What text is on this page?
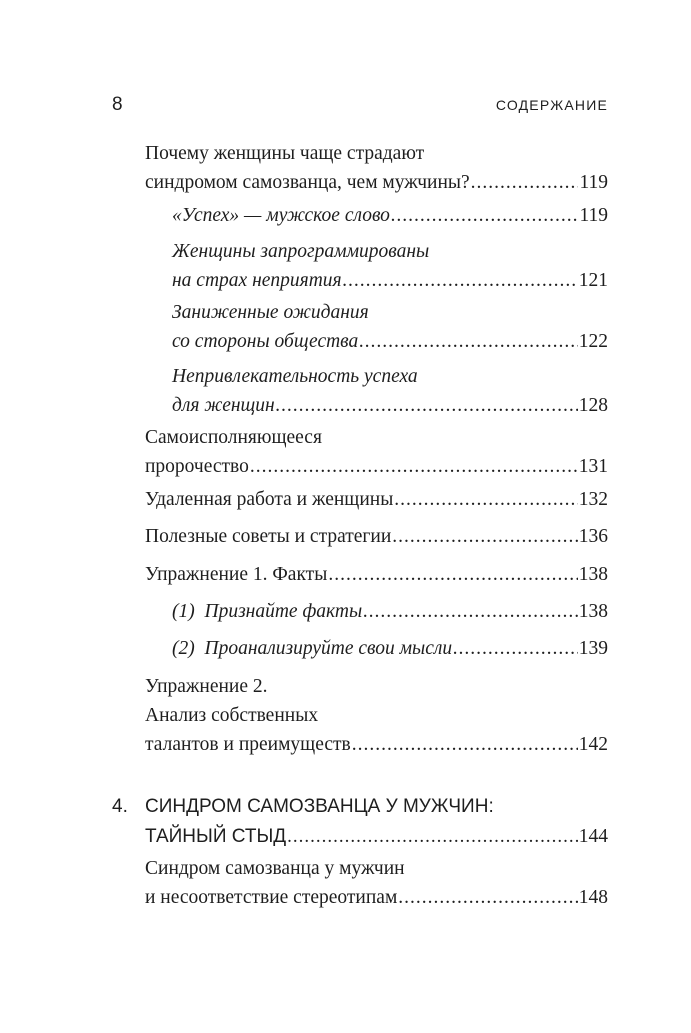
8	СОДЕРЖАНИЕ
Почему женщины чаще страдают
синдромом самозванца, чем мужчины? .....	119
«Успех» — мужское слово .....	119
Женщины запрограммированы
на страх неприятия .....	121
Заниженные ожидания
со стороны общества .....	122
Непривлекательность успеха
для женщин .....	128
Самоисполняющееся
пророчество .....	131
Удаленная работа и женщины .....	132
Полезные советы и стратегии .....	136
Упражнение 1. Факты .....	138
(1)  Признайте факты .....	138
(2)  Проанализируйте свои мысли .....	139
Упражнение 2.
Анализ собственных
талантов и преимуществ .....	142
4. СИНДРОМ САМОЗВАНЦА У МУЖЧИН:
ТАЙНЫЙ СТЫД .....	144
Синдром самозванца у мужчин
и несоответствие стереотипам .....	148
